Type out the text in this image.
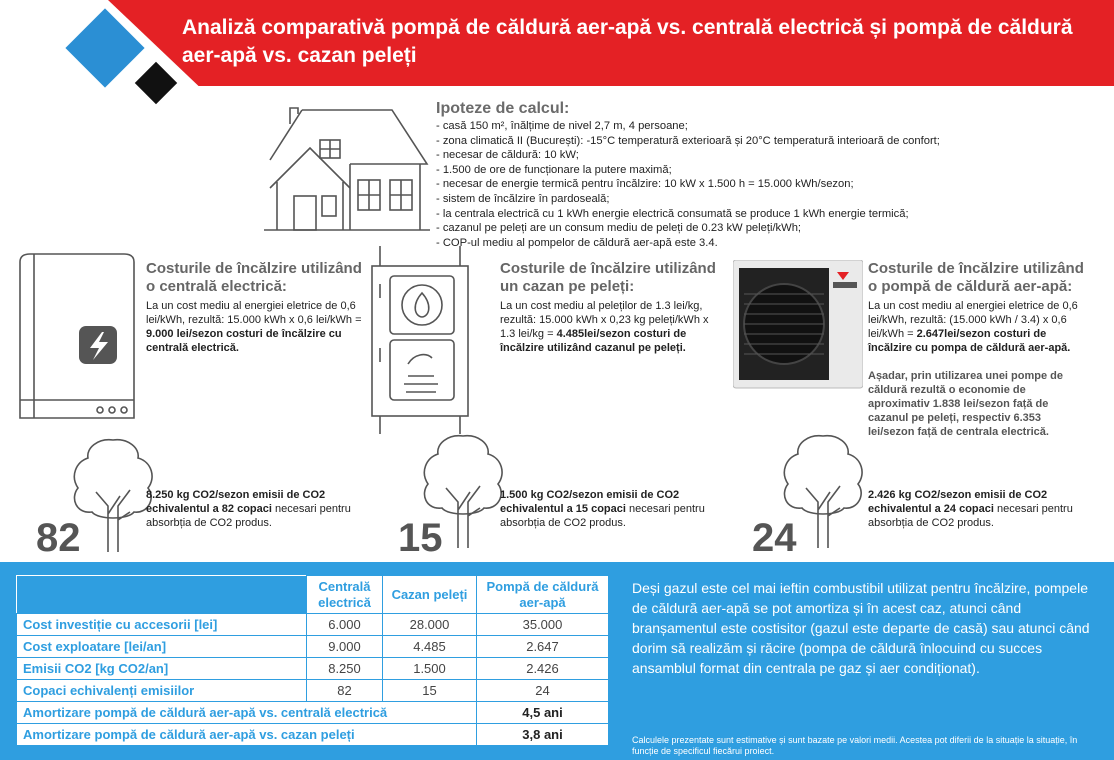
Analiză comparativă pompă de căldură aer-apă vs. centrală electrică și pompă de căldură aer-apă vs. cazan peleți
Ipoteze de calcul:
- casă 150 m², înălțime de nivel 2,7 m, 4 persoane;
- zona climatică II (București): -15°C temperatură exterioară și 20°C temperatură interioară de confort;
- necesar de căldură: 10 kW;
- 1.500 de ore de funcționare la putere maximă;
- necesar de energie termică pentru încălzire: 10 kW x 1.500 h = 15.000 kWh/sezon;
- sistem de încălzire în pardoseală;
- la centrala electrică cu 1 kWh energie electrică consumată se produce 1 kWh energie termică;
- cazanul pe peleți are un consum mediu de peleți de 0.23 kW peleți/kWh;
- COP-ul mediu al pompelor de căldură aer-apă este 3.4.
Costurile de încălzire utilizând o centrală electrică:

La un cost mediu al energiei eletrice de 0,6 lei/kWh, rezultă: 15.000 kWh x 0,6 lei/kWh = 9.000 lei/sezon costuri de încălzire cu centrală electrică.

Costurile de încălzire utilizând un cazan pe peleți:

La un cost mediu al peleților de 1.3 lei/kg, rezultă: 15.000 kWh x 0,23 kg peleți/kWh x 1.3 lei/kg = 4.485lei/sezon costuri de încălzire utilizând cazanul pe peleți.

Costurile de încălzire utilizând o pompă de căldură aer-apă:

La un cost mediu al energiei eletrice de 0,6 lei/kWh, rezultă: (15.000 kWh / 3.4) x 0,6 lei/kWh = 2.647lei/sezon costuri de încălzire cu pompa de căldură aer-apă.

Așadar, prin utilizarea unei pompe de căldură rezultă o economie de aproximativ 1.838 lei/sezon față de cazanul pe peleți, respectiv 6.353 lei/sezon față de centrala electrică.

8.250 kg CO2/sezon emisii de CO2 echivalentul a 82 copaci necesari pentru absorbția de CO2 produs.
1.500 kg CO2/sezon emisii de CO2 echivalentul a 15 copaci necesari pentru absorbția de CO2 produs.
2.426 kg CO2/sezon emisii de CO2 echivalentul a 24 copaci necesari pentru absorbția de CO2 produs.
82	15	24
	Centrală electrică	Cazan peleți	Pompă de căldură aer-apă
Cost investiție cu accesorii [lei]	6.000	28.000	35.000
Cost exploatare [lei/an]	9.000	4.485	2.647
Emisii CO2 [kg CO2/an]	8.250	1.500	2.426
Copaci echivalenți emisiilor	82	15	24
Amortizare pompă de căldură aer-apă vs. centrală electrică			4,5 ani
Amortizare pompă de căldură aer-apă vs. cazan peleți			3,8 ani
Deși gazul este cel mai ieftin combustibil utilizat pentru încălzire, pompele de căldură aer-apă se pot amortiza și în acest caz, atunci când branșamentul este costisitor (gazul este departe de casă) sau atunci când dorim să realizăm și răcire (pompa de căldură înlocuind cu succes ansamblul format din centrala pe gaz și aer condiționat).
Calculele prezentate sunt estimative și sunt bazate pe valori medii. Acestea pot diferii de la situație la situație, în funcție de specificul fiecărui proiect.
